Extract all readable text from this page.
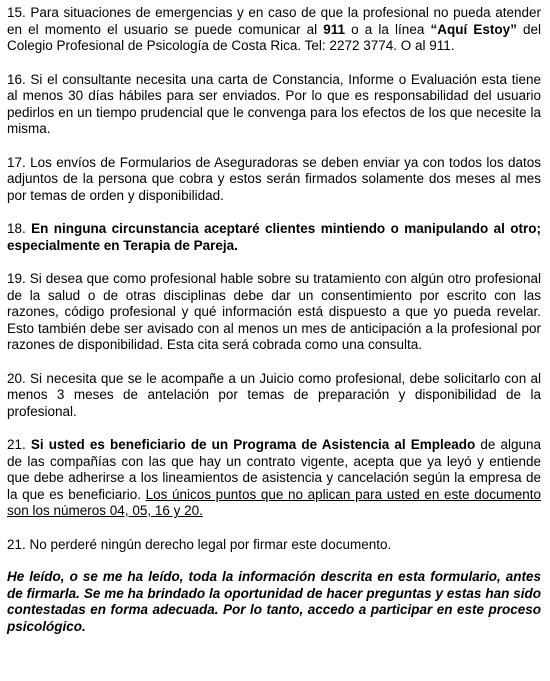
15. Para situaciones de emergencias y en caso de que la profesional no pueda atender en el momento el usuario se puede comunicar al 911 o a la línea “Aquí Estoy” del Colegio Profesional de Psicología de Costa Rica. Tel: 2272 3774. O al 911.

16. Si el consultante necesita una carta de Constancia, Informe o Evaluación esta tiene al menos 30 días hábiles para ser enviados. Por lo que es responsabilidad del usuario pedirlos en un tiempo prudencial que le convenga para los efectos de los que necesite la misma.

17. Los envíos de Formularios de Aseguradoras se deben enviar ya con todos los datos adjuntos de la persona que cobra y estos serán firmados solamente dos meses al mes por temas de orden y disponibilidad.

18. En ninguna circunstancia aceptaré clientes mintiendo o manipulando al otro; especialmente en Terapia de Pareja.

19. Si desea que como profesional hable sobre su tratamiento con algún otro profesional de la salud o de otras disciplinas debe dar un consentimiento por escrito con las razones, código profesional y qué información está dispuesto a que yo pueda revelar. Esto también debe ser avisado con al menos un mes de anticipación a la profesional por razones de disponibilidad. Esta cita será cobrada como una consulta.

20. Si necesita que se le acompañe a un Juicio como profesional, debe solicitarlo con al menos 3 meses de antelación por temas de preparación y disponibilidad de la profesional.

21. Si usted es beneficiario de un Programa de Asistencia al Empleado de alguna de las compañías con las que hay un contrato vigente, acepta que ya leyó y entiende que debe adherirse a los lineamientos de asistencia y cancelación según la empresa de la que es beneficiario. Los únicos puntos que no aplican para usted en este documento son los números 04, 05, 16 y 20.

21. No perderé ningún derecho legal por firmar este documento.

He leído, o se me ha leído, toda la información descrita en esta formulario, antes de firmarla. Se me ha brindado la oportunidad de hacer preguntas y estas han sido contestadas en forma adecuada. Por lo tanto, accedo a participar en este proceso psicológico.
